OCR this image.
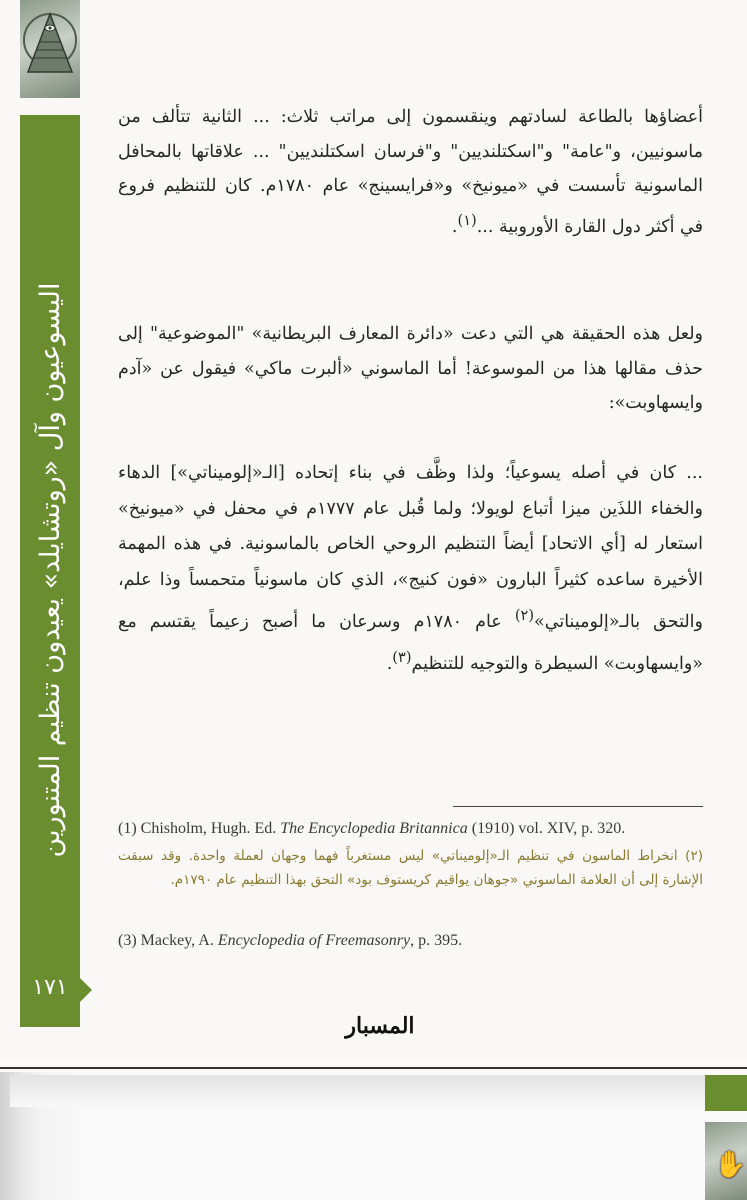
اليسوعيون وآل «روتشايلد» يعيدون تنظيم المتنورين
١٧١
أعضاؤها بالطاعة لسادتهم وينقسمون إلى مراتب ثلاث: ... الثانية تتألف من ماسونيين، و"عامة" و"اسكتلنديين" و"فرسان اسكتلنديين" ... علاقاتها بالمحافل الماسونية تأسست في «ميونيخ» و«فرايسينج» عام ١٧٨٠م. كان للتنظيم فروع في أكثر دول القارة الأوروبية ...$^{(١)}$.
ولعل هذه الحقيقة هي التي دعت «دائرة المعارف البريطانية» "الموضوعية" إلى حذف مقالها هذا من الموسوعة! أما الماسوني «ألبرت ماكي» فيقول عن «آدم وايسهاوبت»:
... كان في أصله يسوعياً؛ ولذا وظَّف في بناء إتحاده [الـ«إلوميناتي»] الدهاء والخفاء اللذَين ميزا أتباع لويولا؛ ولما قُبل عام ١٧٧٧م في محفل في «ميونيخ» استعار له [أي الاتحاد] أيضاً التنظيم الروحي الخاص بالماسونية. في هذه المهمة الأخيرة ساعده كثيراً البارون «فون كنيج»، الذي كان ماسونياً متحمساً وذا علم، والتحق بالـ«إلوميناتي»$^{(٢)}$ عام ١٧٨٠م وسرعان ما أصبح زعيماً يقتسم مع «وايسهاوبت» السيطرة والتوجيه للتنظيم$^{(٣)}$.
(1) Chisholm, Hugh. Ed. The Encyclopedia Britannica (1910) vol. XIV, p. 320.
(٢) انخراط الماسون في تنظيم الـ«إلوميناتي» ليس مستغرباً فهما وجهان لعملة واحدة. وقد سبقت الإشارة إلى أن العلامة الماسوني «جوهان يواقيم كريستوف بود» التحق بهذا التنظيم عام ١٧٩٠م.
(3) Mackey, A. Encyclopedia of Freemasonry, p. 395.
المسبار
✋
